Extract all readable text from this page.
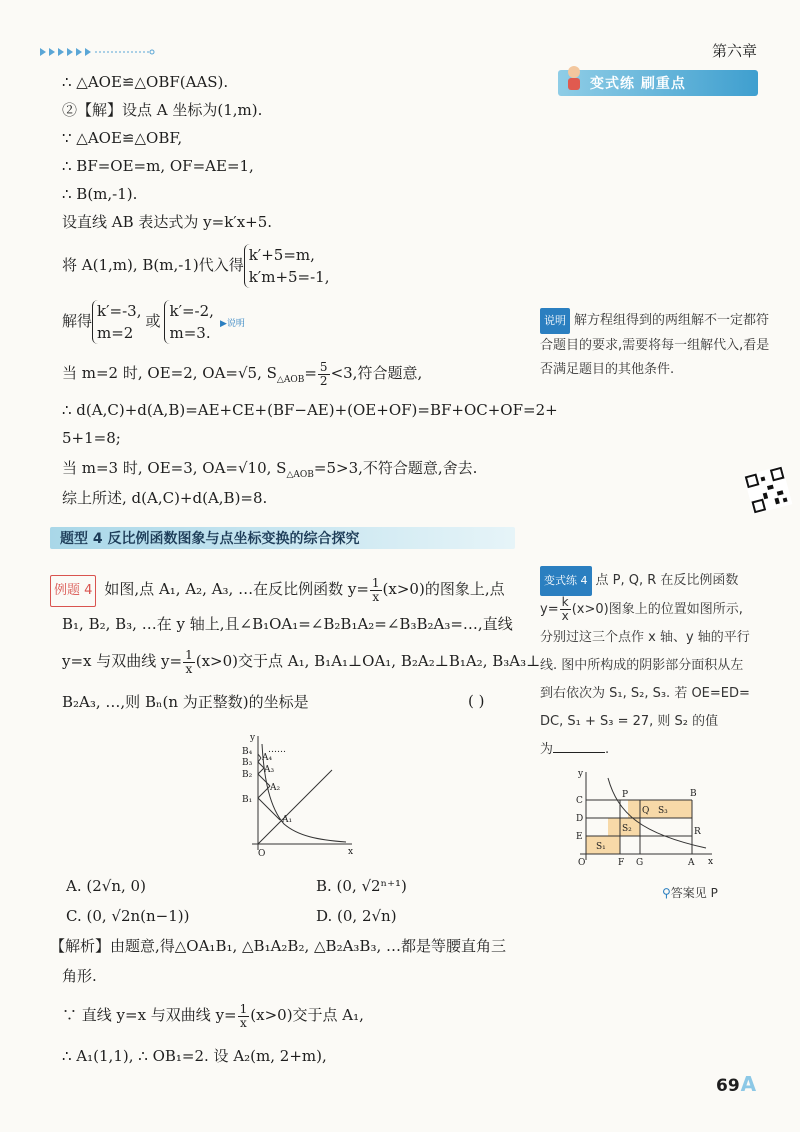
第六章
变式练 刷重点
∴ △AOE≌△OBF(AAS).
②【解】设点 A 坐标为(1,m).
∵ △AOE≌△OBF,
∴ BF=OE=m, OF=AE=1,
∴ B(m,-1).
设直线 AB 表达式为 y=k′x+5.
将 A(1,m), B(m,-1)代入得
k′+5=m,
k′m+5=-1,
解得
k′=-3,
m=2
或
k′=-2,
m=3.	▶说明
当 m=2 时, OE=2, OA=√5, $S_{\triangle AOB}= \frac{5}{2} <3$,符合题意,
∴ d(A,C)+d(A,B)=AE+CE+(BF−AE)+(OE+OF)=BF+OC+OF=2+
5+1=8;
当 m=3 时, OE=3, OA=√10, $S_{\triangle AOB}=5>3$,不符合题意,舍去.
综上所述, d(A,C)+d(A,B)=8.
题型 4 反比例函数图象与点坐标变换的综合探究
例题 4 如图,点 A₁, A₂, A₃, …在反比例函数 $y= \frac{1}{x} (x>0)$的图象上,点
B₁, B₂, B₃, …在 y 轴上,且∠B₁OA₁=∠B₂B₁A₂=∠B₃B₂A₃=…,直线
y=x 与双曲线 $y= \frac{1}{x} (x>0)$交于点 A₁, B₁A₁⊥OA₁, B₂A₂⊥B₁A₂, B₃A₃⊥
B₂A₃, …,则 Bₙ(n 为正整数)的坐标是	( )
y
x
O
B₁
B₂
B₃
B₄
A₁
A₂
A₃
A₄
……
A. (2√n, 0)	B. (0, √2ⁿ⁺¹)
C. (0, √2n(n−1))	D. (0, 2√n)
【解析】由题意,得△OA₁B₁, △B₁A₂B₂, △B₂A₃B₃, …都是等腰直角三
角形.
∵ 直线 y=x 与双曲线 $y= \frac{1}{x} (x>0)$交于点 A₁,
∴ A₁(1,1), ∴ OB₁=2. 设 A₂(m, 2+m),
说明 解方程组得到的两组解不一定都符合题目的要求,需要将每一组解代入,看是否满足题目的其他条件.
变式练 4 点 P, Q, R 在反比例函数
$y= \frac{k}{x} (x>0)$图象上的位置如图所示,
分别过这三个点作 x 轴、y 轴的平行
线. 图中所构成的阴影部分面积从左
到右依次为 S₁, S₂, S₃. 若 OE=ED=
DC, S₁ + S₃ = 27, 则 S₂ 的值
为	.
y
x
O
C
D
E
P
Q
R
B
F G	A
S₁
S₂
S₃
⚲答案见 P
69A
